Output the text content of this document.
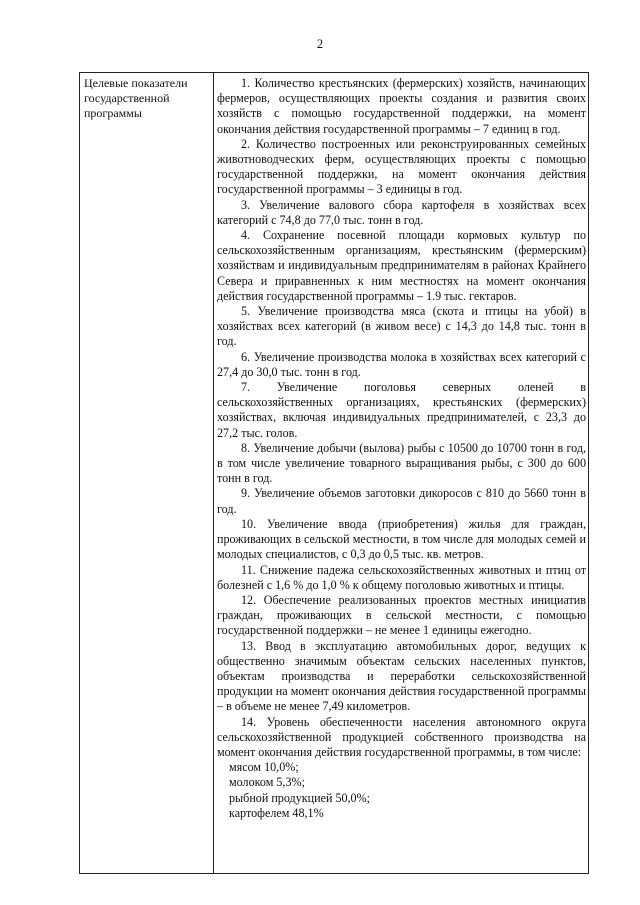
2
Целевые показатели государственной программы

1. Количество крестьянских (фермерских) хозяйств, начинающих фермеров, осуществляющих проекты создания и развития своих хозяйств с помощью государственной поддержки, на момент окончания действия государственной программы – 7 единиц в год.

2. Количество построенных или реконструированных семейных животноводческих ферм, осуществляющих проекты с помощью государственной поддержки, на момент окончания действия государственной программы – 3 единицы в год.

3. Увеличение валового сбора картофеля в хозяйствах всех категорий с 74,8 до 77,0 тыс. тонн в год.

4. Сохранение посевной площади кормовых культур по сельскохозяйственным организациям, крестьянским (фермерским) хозяйствам и индивидуальным предпринимателям в районах Крайнего Севера и приравненных к ним местностях на момент окончания действия государственной программы – 1.9 тыс. гектаров.

5. Увеличение производства мяса (скота и птицы на убой) в хозяйствах всех категорий (в живом весе) с 14,3 до 14,8 тыс. тонн в год.

6. Увеличение производства молока в хозяйствах всех категорий с 27,4 до 30,0 тыс. тонн в год.

7. Увеличение поголовья северных оленей в сельскохозяйственных организациях, крестьянских (фермерских) хозяйствах, включая индивидуальных предпринимателей, с 23,3 до 27,2 тыс. голов.

8. Увеличение добычи (вылова) рыбы с 10500 до 10700 тонн в год, в том числе увеличение товарного выращивания рыбы, с 300 до 600 тонн в год.

9. Увеличение объемов заготовки дикоросов с 810 до 5660 тонн в год.

10. Увеличение ввода (приобретения) жилья для граждан, проживающих в сельской местности, в том числе для молодых семей и молодых специалистов, с 0,3 до 0,5 тыс. кв. метров.

11. Снижение падежа сельскохозяйственных животных и птиц от болезней с 1,6 % до 1,0 % к общему поголовью животных и птицы.

12. Обеспечение реализованных проектов местных инициатив граждан, проживающих в сельской местности, с помощью государственной поддержки – не менее 1 единицы ежегодно.

13. Ввод в эксплуатацию автомобильных дорог, ведущих к общественно значимым объектам сельских населенных пунктов, объектам производства и переработки сельскохозяйственной продукции на момент окончания действия государственной программы – в объеме не менее 7,49 километров.

14. Уровень обеспеченности населения автономного округа сельскохозяйственной продукцией собственного производства на момент окончания действия государственной программы, в том числе:

мясом 10,0%;

молоком 5,3%;

рыбной продукцией 50,0%;

картофелем 48,1%
